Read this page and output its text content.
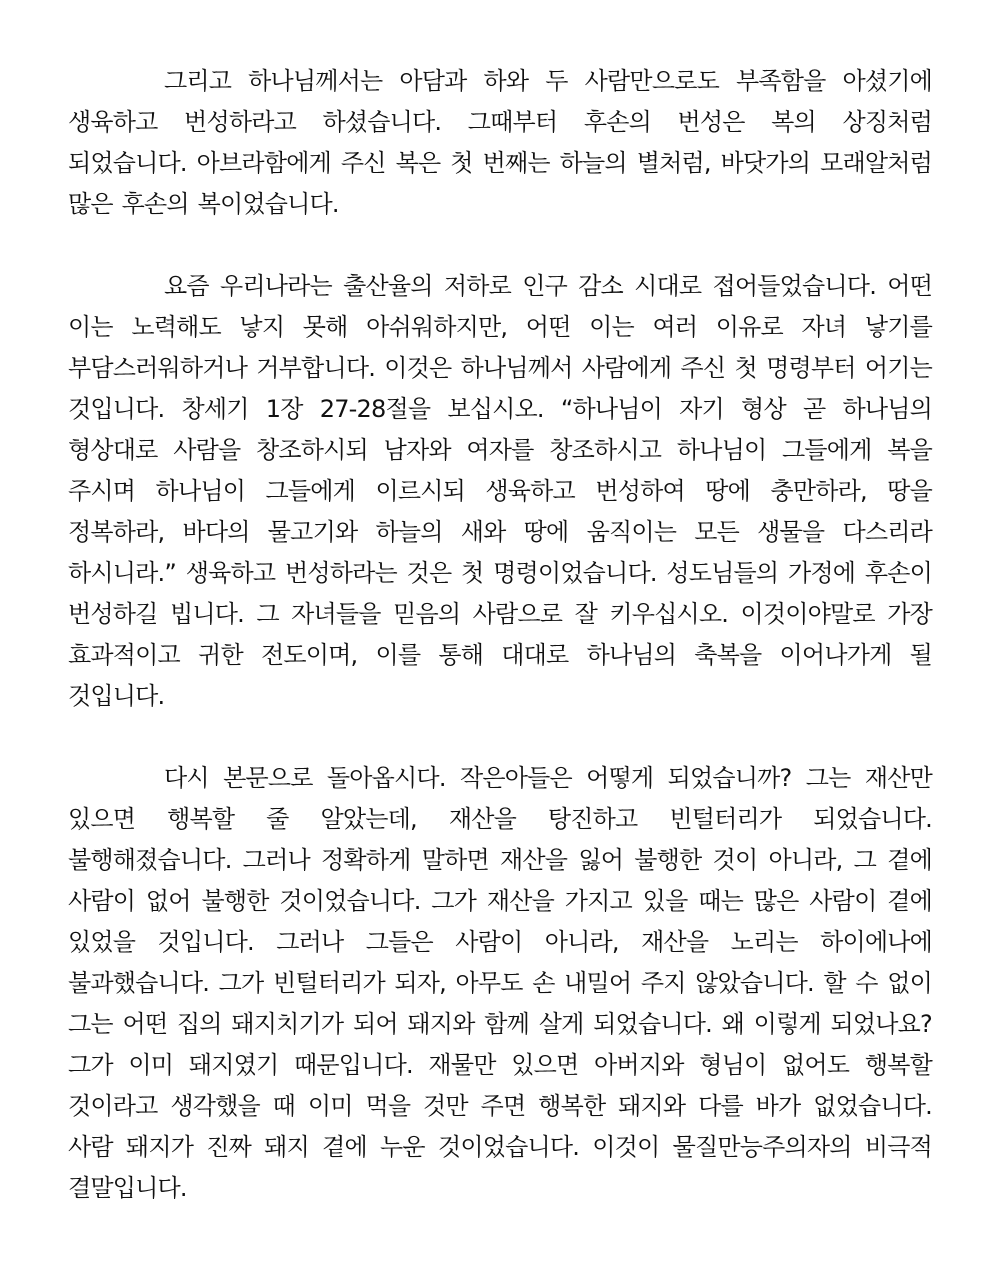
그리고 하나님께서는 아담과 하와 두 사람만으로도 부족함을 아셨기에 생육하고 번성하라고 하셨습니다. 그때부터 후손의 번성은 복의 상징처럼 되었습니다. 아브라함에게 주신 복은 첫 번째는 하늘의 별처럼, 바닷가의 모래알처럼 많은 후손의 복이었습니다.

요즘 우리나라는 출산율의 저하로 인구 감소 시대로 접어들었습니다. 어떤 이는 노력해도 낳지 못해 아쉬워하지만, 어떤 이는 여러 이유로 자녀 낳기를 부담스러워하거나 거부합니다. 이것은 하나님께서 사람에게 주신 첫 명령부터 어기는 것입니다. 창세기 1장 27-28절을 보십시오. “하나님이 자기 형상 곧 하나님의 형상대로 사람을 창조하시되 남자와 여자를 창조하시고 하나님이 그들에게 복을 주시며 하나님이 그들에게 이르시되 생육하고 번성하여 땅에 충만하라, 땅을 정복하라, 바다의 물고기와 하늘의 새와 땅에 움직이는 모든 생물을 다스리라 하시니라.” 생육하고 번성하라는 것은 첫 명령이었습니다. 성도님들의 가정에 후손이 번성하길 빕니다. 그 자녀들을 믿음의 사람으로 잘 키우십시오. 이것이야말로 가장 효과적이고 귀한 전도이며, 이를 통해 대대로 하나님의 축복을 이어나가게 될 것입니다.

다시 본문으로 돌아옵시다. 작은아들은 어떻게 되었습니까? 그는 재산만 있으면 행복할 줄 알았는데, 재산을 탕진하고 빈털터리가 되었습니다. 불행해졌습니다. 그러나 정확하게 말하면 재산을 잃어 불행한 것이 아니라, 그 곁에 사람이 없어 불행한 것이었습니다. 그가 재산을 가지고 있을 때는 많은 사람이 곁에 있었을 것입니다. 그러나 그들은 사람이 아니라, 재산을 노리는 하이에나에 불과했습니다. 그가 빈털터리가 되자, 아무도 손 내밀어 주지 않았습니다. 할 수 없이 그는 어떤 집의 돼지치기가 되어 돼지와 함께 살게 되었습니다. 왜 이렇게 되었나요? 그가 이미 돼지였기 때문입니다. 재물만 있으면 아버지와 형님이 없어도 행복할 것이라고 생각했을 때 이미 먹을 것만 주면 행복한 돼지와 다를 바가 없었습니다. 사람 돼지가 진짜 돼지 곁에 누운 것이었습니다. 이것이 물질만능주의자의 비극적 결말입니다.
